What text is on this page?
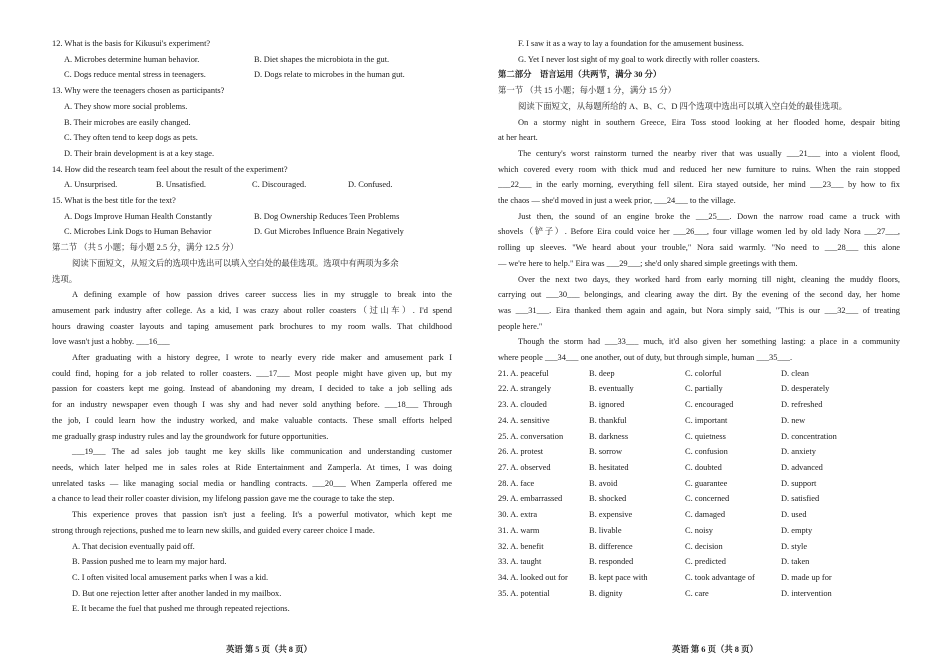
12. What is the basis for Kikusui's experiment?
A. Microbes determine human behavior.	B. Diet shapes the microbiota in the gut.
C. Dogs reduce mental stress in teenagers.	D. Dogs relate to microbes in the human gut.
13. Why were the teenagers chosen as participants?
A. They show more social problems.
B. Their microbes are easily changed.
C. They often tend to keep dogs as pets.
D. Their brain development is at a key stage.
14. How did the research team feel about the result of the experiment?
A. Unsurprised.	B. Unsatisfied.	C. Discouraged.	D. Confused.
15. What is the best title for the text?
A. Dogs Improve Human Health Constantly	B. Dog Ownership Reduces Teen Problems
C. Microbes Link Dogs to Human Behavior	D. Gut Microbes Influence Brain Negatively
第二节 （共 5 小题；每小题 2.5 分，满分 12.5 分）
阅读下面短文，从短文后的选项中选出可以填入空白处的最佳选项。选项中有两项为多余
选项。
A defining example of how passion drives career success lies in my struggle to break into the
amusement park industry after college. As a kid, I was crazy about roller coasters（过山车）. I'd spend
hours drawing coaster layouts and taping amusement park brochures to my room walls. That childhood
love wasn't just a hobby. ___16___
After graduating with a history degree, I wrote to nearly every ride maker and amusement park I
could find, hoping for a job related to roller coasters. ___17___ Most people might have given up, but my
passion for coasters kept me going. Instead of abandoning my dream, I decided to take a job selling ads
for an industry newspaper even though I was shy and had never sold anything before. ___18___ Through
the job, I could learn how the industry worked, and make valuable contacts. These small efforts helped
me gradually grasp industry rules and lay the groundwork for future opportunities.
___19___ The ad sales job taught me key skills like communication and understanding customer
needs, which later helped me in sales roles at Ride Entertainment and Zamperla. At times, I was doing
unrelated tasks — like managing social media or handling contracts. ___20___ When Zamperla offered me
a chance to lead their roller coaster division, my lifelong passion gave me the courage to take the step.
This experience proves that passion isn't just a feeling. It's a powerful motivator, which kept me
strong through rejections, pushed me to learn new skills, and guided every career choice I made.
A. That decision eventually paid off.
B. Passion pushed me to learn my major hard.
C. I often visited local amusement parks when I was a kid.
D. But one rejection letter after another landed in my mailbox.
E. It became the fuel that pushed me through repeated rejections.
F. I saw it as a way to lay a foundation for the amusement business.
G. Yet I never lost sight of my goal to work directly with roller coasters.
第二部分　语言运用（共两节，满分 30 分）
第一节 （共 15 小题；每小题 1 分，满分 15 分）
阅读下面短文，从每题所给的 A、B、C、D 四个选项中选出可以填入空白处的最佳选项。
On a stormy night in southern Greece, Eira Toss stood looking at her flooded home, despair biting
at her heart.
The century's worst rainstorm turned the nearby river that was usually ___21___ into a violent flood,
which covered every room with thick mud and reduced her new furniture to ruins. When the rain stopped
___22___ in the early morning, everything fell silent. Eira stayed outside, her mind ___23___ by how to fix
the chaos — she'd moved in just a week prior, ___24___ to the village.
Just then, the sound of an engine broke the ___25___. Down the narrow road came a truck with
shovels（铲子）. Before Eira could voice her ___26___, four village women led by old lady Nora ___27___,
rolling up sleeves. "We heard about your trouble," Nora said warmly. "No need to ___28___ this alone
— we're here to help." Eira was ___29___; she'd only shared simple greetings with them.
Over the next two days, they worked hard from early morning till night, cleaning the muddy floors,
carrying out ___30___ belongings, and clearing away the dirt. By the evening of the second day, her home
was ___31___. Eira thanked them again and again, but Nora simply said, "This is our ___32___ of treating
people here."
Though the storm had ___33___ much, it'd also given her something lasting: a place in a community
where people ___34___ one another, out of duty, but through simple, human ___35___.
21. A. peaceful	B. deep	C. colorful	D. clean
22. A. strangely	B. eventually	C. partially	D. desperately
23. A. clouded	B. ignored	C. encouraged	D. refreshed
24. A. sensitive	B. thankful	C. important	D. new
25. A. conversation	B. darkness	C. quietness	D. concentration
26. A. protest	B. sorrow	C. confusion	D. anxiety
27. A. observed	B. hesitated	C. doubted	D. advanced
28. A. face	B. avoid	C. guarantee	D. support
29. A. embarrassed	B. shocked	C. concerned	D. satisfied
30. A. extra	B. expensive	C. damaged	D. used
31. A. warm	B. livable	C. noisy	D. empty
32. A. benefit	B. difference	C. decision	D. style
33. A. taught	B. responded	C. predicted	D. taken
34. A. looked out for	B. kept pace with	C. took advantage of	D. made up for
35. A. potential	B. dignity	C. care	D. intervention
英语 第 5 页（共 8 页）	英语 第 6 页（共 8 页）
